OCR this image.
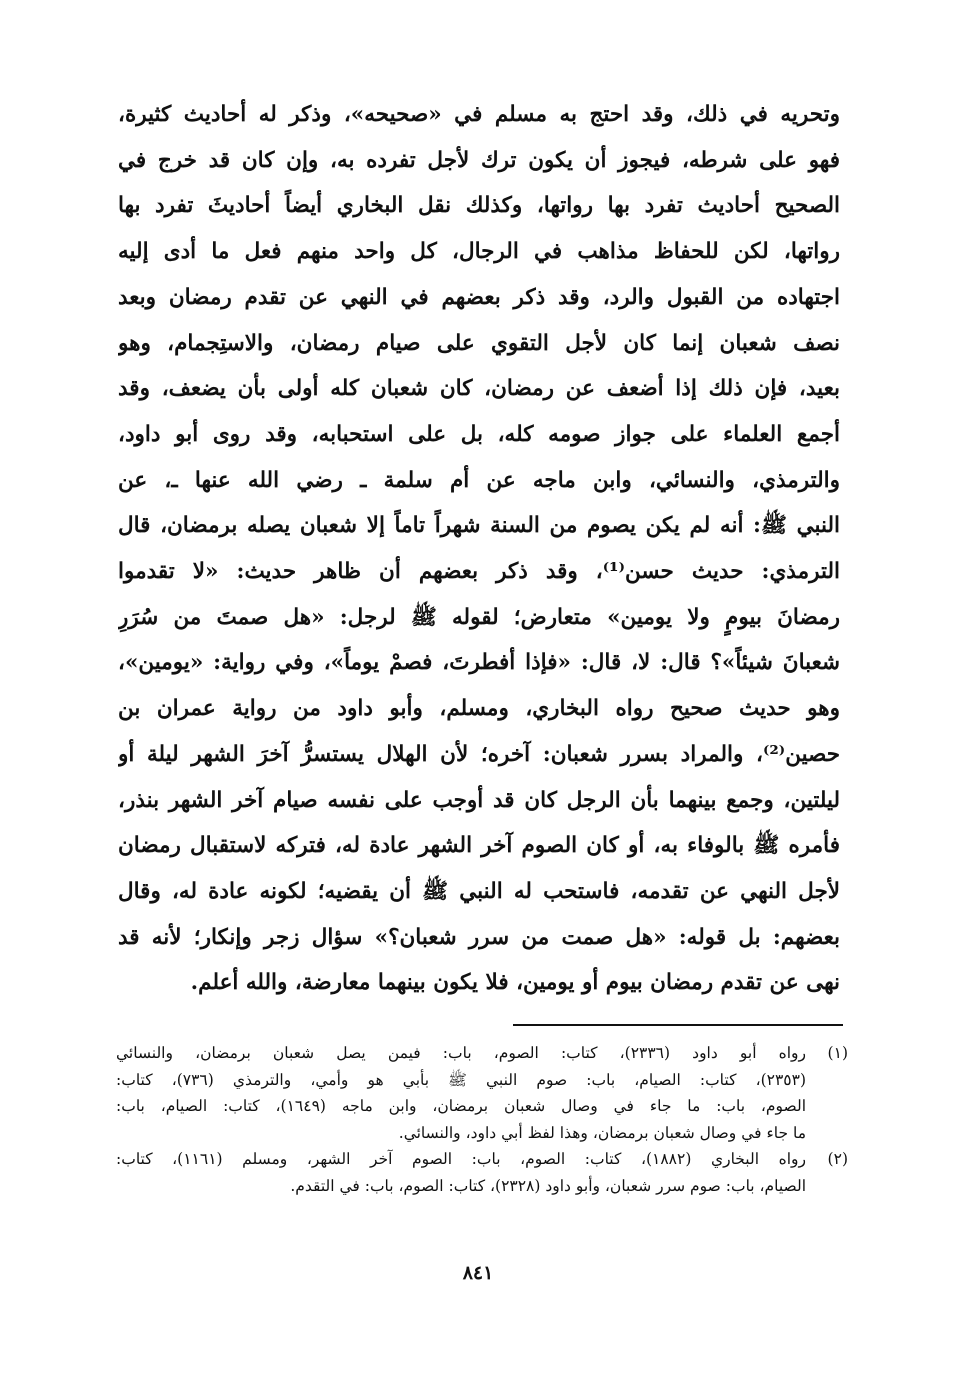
وتحريه في ذلك، وقد احتج به مسلم في «صحيحه»، وذكر له أحاديث كثيرة،
فهو على شرطه، فيجوز أن يكون ترك لأجل تفرده به، وإن كان قد خرج في
الصحيح أحاديث تفرد بها رواتها، وكذلك نقل البخاري أيضاً أحاديثَ تفرد بها
رواتها، لكن للحفاظ مذاهب في الرجال، كل واحد منهم فعل ما أدى إليه
اجتهاده من القبول والرد، وقد ذكر بعضهم في النهي عن تقدم رمضان وبعد
نصف شعبان إنما كان لأجل التقوي على صيام رمضان، والاستِجمام، وهو
بعيد، فإن ذلك إذا أضعف عن رمضان، كان شعبان كله أولى بأن يضعف، وقد
أجمع العلماء على جواز صومه كله، بل على استحبابه، وقد روى أبو داود،
والترمذي، والنسائي، وابن ماجه عن أم سلمة ـ رضي الله عنها ـ، عن
النبي ﷺ: أنه لم يكن يصوم من السنة شهراً تاماً إلا شعبان يصله برمضان، قال
الترمذي: حديث حسن⁽¹⁾، وقد ذكر بعضهم أن ظاهر حديث: «لا تقدموا
رمضانَ بيومٍ ولا يومين» متعارض؛ لقوله ﷺ لرجل: «هل صمتَ من سُرَرِ
شعبانَ شيئاً»؟ قال: لا، قال: «فإذا أفطرتَ، فصمْ يوماً»، وفي رواية: «يومين»،
وهو حديث صحيح رواه البخاري، ومسلم، وأبو داود من رواية عمران بن
حصين⁽²⁾، والمراد بسرر شعبان: آخره؛ لأن الهلال يستسرُّ آخرَ الشهر ليلة أو
ليلتين، وجمع بينهما بأن الرجل كان قد أوجب على نفسه صيام آخر الشهر بنذر،
فأمره ﷺ بالوفاء به، أو كان الصوم آخر الشهر عادة له، فتركه لاستقبال رمضان
لأجل النهي عن تقدمه، فاستحب له النبي ﷺ أن يقضيه؛ لكونه عادة له، وقال
بعضهم: بل قوله: «هل صمت من سرر شعبان؟» سؤال زجر وإنكار؛ لأنه قد
نهى عن تقدم رمضان بيوم أو يومين، فلا يكون بينهما معارضة، والله أعلم.
(١)
رواه أبو داود (٢٣٣٦)، كتاب: الصوم، باب: فيمن يصل شعبان برمضان، والنسائي
(٢٣٥٣)، كتاب: الصيام، باب: صوم النبي ﷺ بأبي هو وأمي، والترمذي (٧٣٦)، كتاب:
الصوم، باب: ما جاء في وصال شعبان برمضان، وابن ماجه (١٦٤٩)، كتاب: الصيام، باب:
ما جاء في وصال شعبان برمضان، وهذا لفظ أبي داود، والنسائي.
(٢)
رواه البخاري (١٨٨٢)، كتاب: الصوم، باب: الصوم آخر الشهر، ومسلم (١١٦١)، كتاب:
الصيام، باب: صوم سرر شعبان، وأبو داود (٢٣٢٨)، كتاب: الصوم، باب: في التقدم.
٨٤١
